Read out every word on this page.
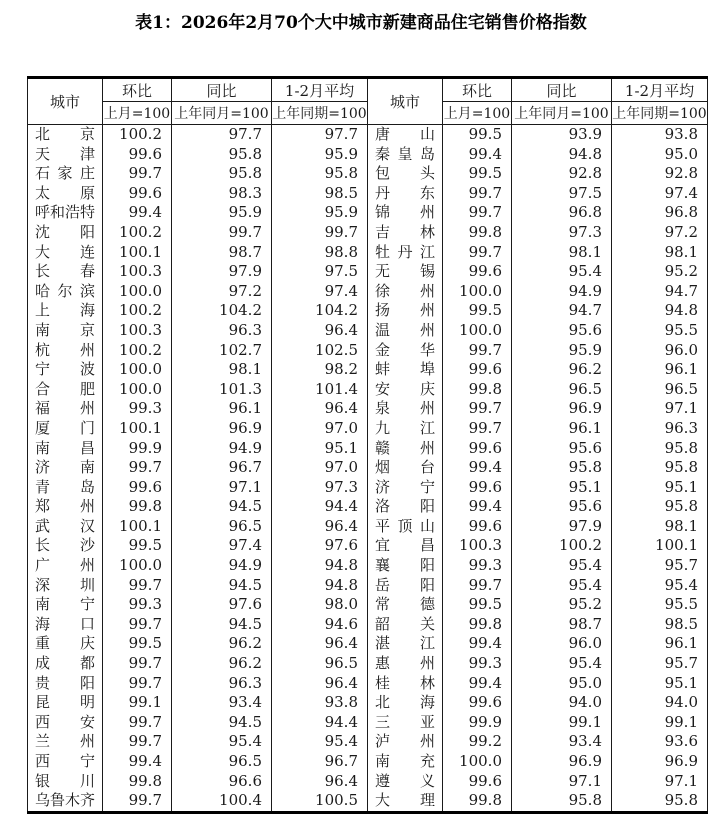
表1：2026年2月70个大中城市新建商品住宅销售价格指数
城市	环比	同比	1-2月平均	城市	环比	同比	1-2月平均
	上月=100	上年同月=100	上年同期=100		上月=100	上年同月=100	上年同期=100
北京	100.2	97.7	97.7	唐山	99.5	93.9	93.8
天津	99.6	95.8	95.9	秦皇岛	99.4	94.8	95.0
石家庄	99.7	95.8	95.8	包头	99.5	92.8	92.8
太原	99.6	98.3	98.5	丹东	99.7	97.5	97.4
呼和浩特	99.4	95.9	95.9	锦州	99.7	96.8	96.8
沈阳	100.2	99.7	99.7	吉林	99.8	97.3	97.2
大连	100.1	98.7	98.8	牡丹江	99.7	98.1	98.1
长春	100.3	97.9	97.5	无锡	99.6	95.4	95.2
哈尔滨	100.0	97.2	97.4	徐州	100.0	94.9	94.7
上海	100.2	104.2	104.2	扬州	99.5	94.7	94.8
南京	100.3	96.3	96.4	温州	100.0	95.6	95.5
杭州	100.2	102.7	102.5	金华	99.7	95.9	96.0
宁波	100.0	98.1	98.2	蚌埠	99.6	96.2	96.1
合肥	100.0	101.3	101.4	安庆	99.8	96.5	96.5
福州	99.3	96.1	96.4	泉州	99.7	96.9	97.1
厦门	100.1	96.9	97.0	九江	99.7	96.1	96.3
南昌	99.9	94.9	95.1	赣州	99.6	95.6	95.8
济南	99.7	96.7	97.0	烟台	99.4	95.8	95.8
青岛	99.6	97.1	97.3	济宁	99.6	95.1	95.1
郑州	99.8	94.5	94.4	洛阳	99.4	95.6	95.8
武汉	100.1	96.5	96.4	平顶山	99.6	97.9	98.1
长沙	99.5	97.4	97.6	宜昌	100.3	100.2	100.1
广州	100.0	94.9	94.8	襄阳	99.3	95.4	95.7
深圳	99.7	94.5	94.8	岳阳	99.7	95.4	95.4
南宁	99.3	97.6	98.0	常德	99.5	95.2	95.5
海口	99.7	94.5	94.6	韶关	99.8	98.7	98.5
重庆	99.5	96.2	96.4	湛江	99.4	96.0	96.1
成都	99.7	96.2	96.5	惠州	99.3	95.4	95.7
贵阳	99.7	96.3	96.4	桂林	99.4	95.0	95.1
昆明	99.1	93.4	93.8	北海	99.6	94.0	94.0
西安	99.7	94.5	94.4	三亚	99.9	99.1	99.1
兰州	99.7	95.4	95.4	泸州	99.2	93.4	93.6
西宁	99.4	96.5	96.7	南充	100.0	96.9	96.9
银川	99.8	96.6	96.4	遵义	99.6	97.1	97.1
乌鲁木齐	99.7	100.4	100.5	大理	99.8	95.8	95.8
